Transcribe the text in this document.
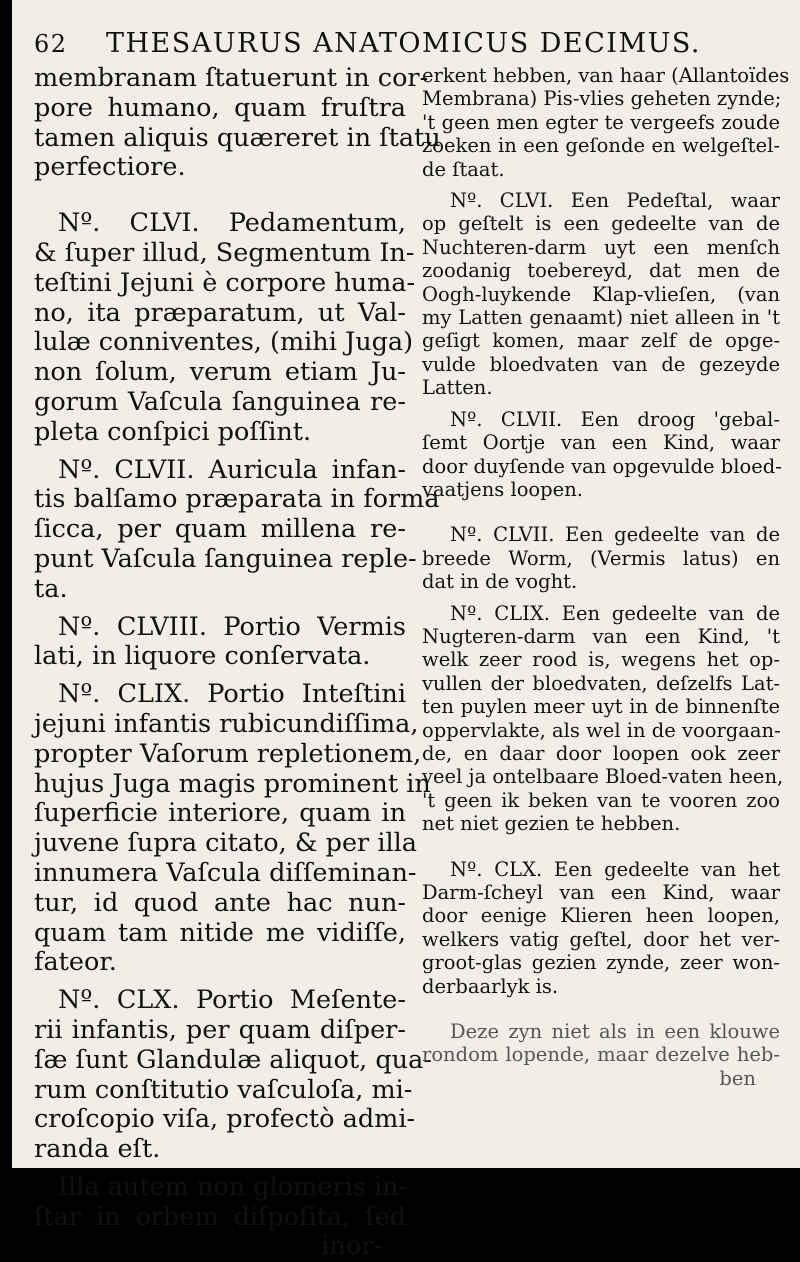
62 THESAURUS ANATOMICUS DECIMUS.
membranam ſtatuerunt in cor-
pore humano, quam fruſtra
tamen aliquis quæreret in ſtatu
perfectiore.
Nº. CLVI. Pedamentum,
& ſuper illud, Segmentum In-
teſtini Jejuni è corpore huma-
no, ita præparatum, ut Val-
lulæ conniventes, (mihi Juga)
non ſolum, verum etiam Ju-
gorum Vaſcula ſanguinea re-
pleta conſpici poſſint.
Nº. CLVII. Auricula infan-
tis balſamo præparata in forma
ſicca, per quam millena re-
punt Vaſcula ſanguinea reple-
ta.
Nº. CLVIII. Portio Vermis
lati, in liquore conſervata.
Nº. CLIX. Portio Inteſtini
jejuni infantis rubicundiſſima,
propter Vaſorum repletionem,
hujus Juga magis prominent in
ſuperficie interiore, quam in
juvene ſupra citato, & per illa
innumera Vaſcula diſſeminan-
tur, id quod ante hac nun-
quam tam nitide me vidiſſe,
fateor.
Nº. CLX. Portio Meſente-
rii infantis, per quam diſper-
ſæ ſunt Glandulæ aliquot, qua-
rum conſtitutio vaſculoſa, mi-
croſcopio viſa, profectò admi-
randa eſt.
Illa autem non glomeris in-
ſtar in orbem diſpoſita, ſed
inor-
erkent hebben, van haar (Allantoïdes
Membrana) Pis-vlies geheten zynde;
't geen men egter te vergeefs zoude
zoeken in een geſonde en welgeſtel-
de ſtaat.
Nº. CLVI. Een Pedeſtal, waar
op geſtelt is een gedeelte van de
Nuchteren-darm uyt een menſch
zoodanig toebereyd, dat men de
Oogh-luykende Klap-vlieſen, (van
my Latten genaamt) niet alleen in 't
geſigt komen, maar zelf de opge-
vulde bloedvaten van de gezeyde
Latten.
Nº. CLVII. Een droog 'gebal-
ſemt Oortje van een Kind, waar
door duyſende van opgevulde bloed-
vaatjens loopen.
Nº. CLVII. Een gedeelte van de
breede Worm, (Vermis latus) en
dat in de voght.
Nº. CLIX. Een gedeelte van de
Nugteren-darm van een Kind, 't
welk zeer rood is, wegens het op-
vullen der bloedvaten, deſzelfs Lat-
ten puylen meer uyt in de binnenſte
oppervlakte, als wel in de voorgaan-
de, en daar door loopen ook zeer
veel ja ontelbaare Bloed-vaten heen,
't geen ik beken van te vooren zoo
net niet gezien te hebben.
Nº. CLX. Een gedeelte van het
Darm-ſcheyl van een Kind, waar
door eenige Klieren heen loopen,
welkers vatig geſtel, door het ver-
groot-glas gezien zynde, zeer won-
derbaarlyk is.
Deze zyn niet als in een klouwe
rondom lopende, maar dezelve heb-
ben
